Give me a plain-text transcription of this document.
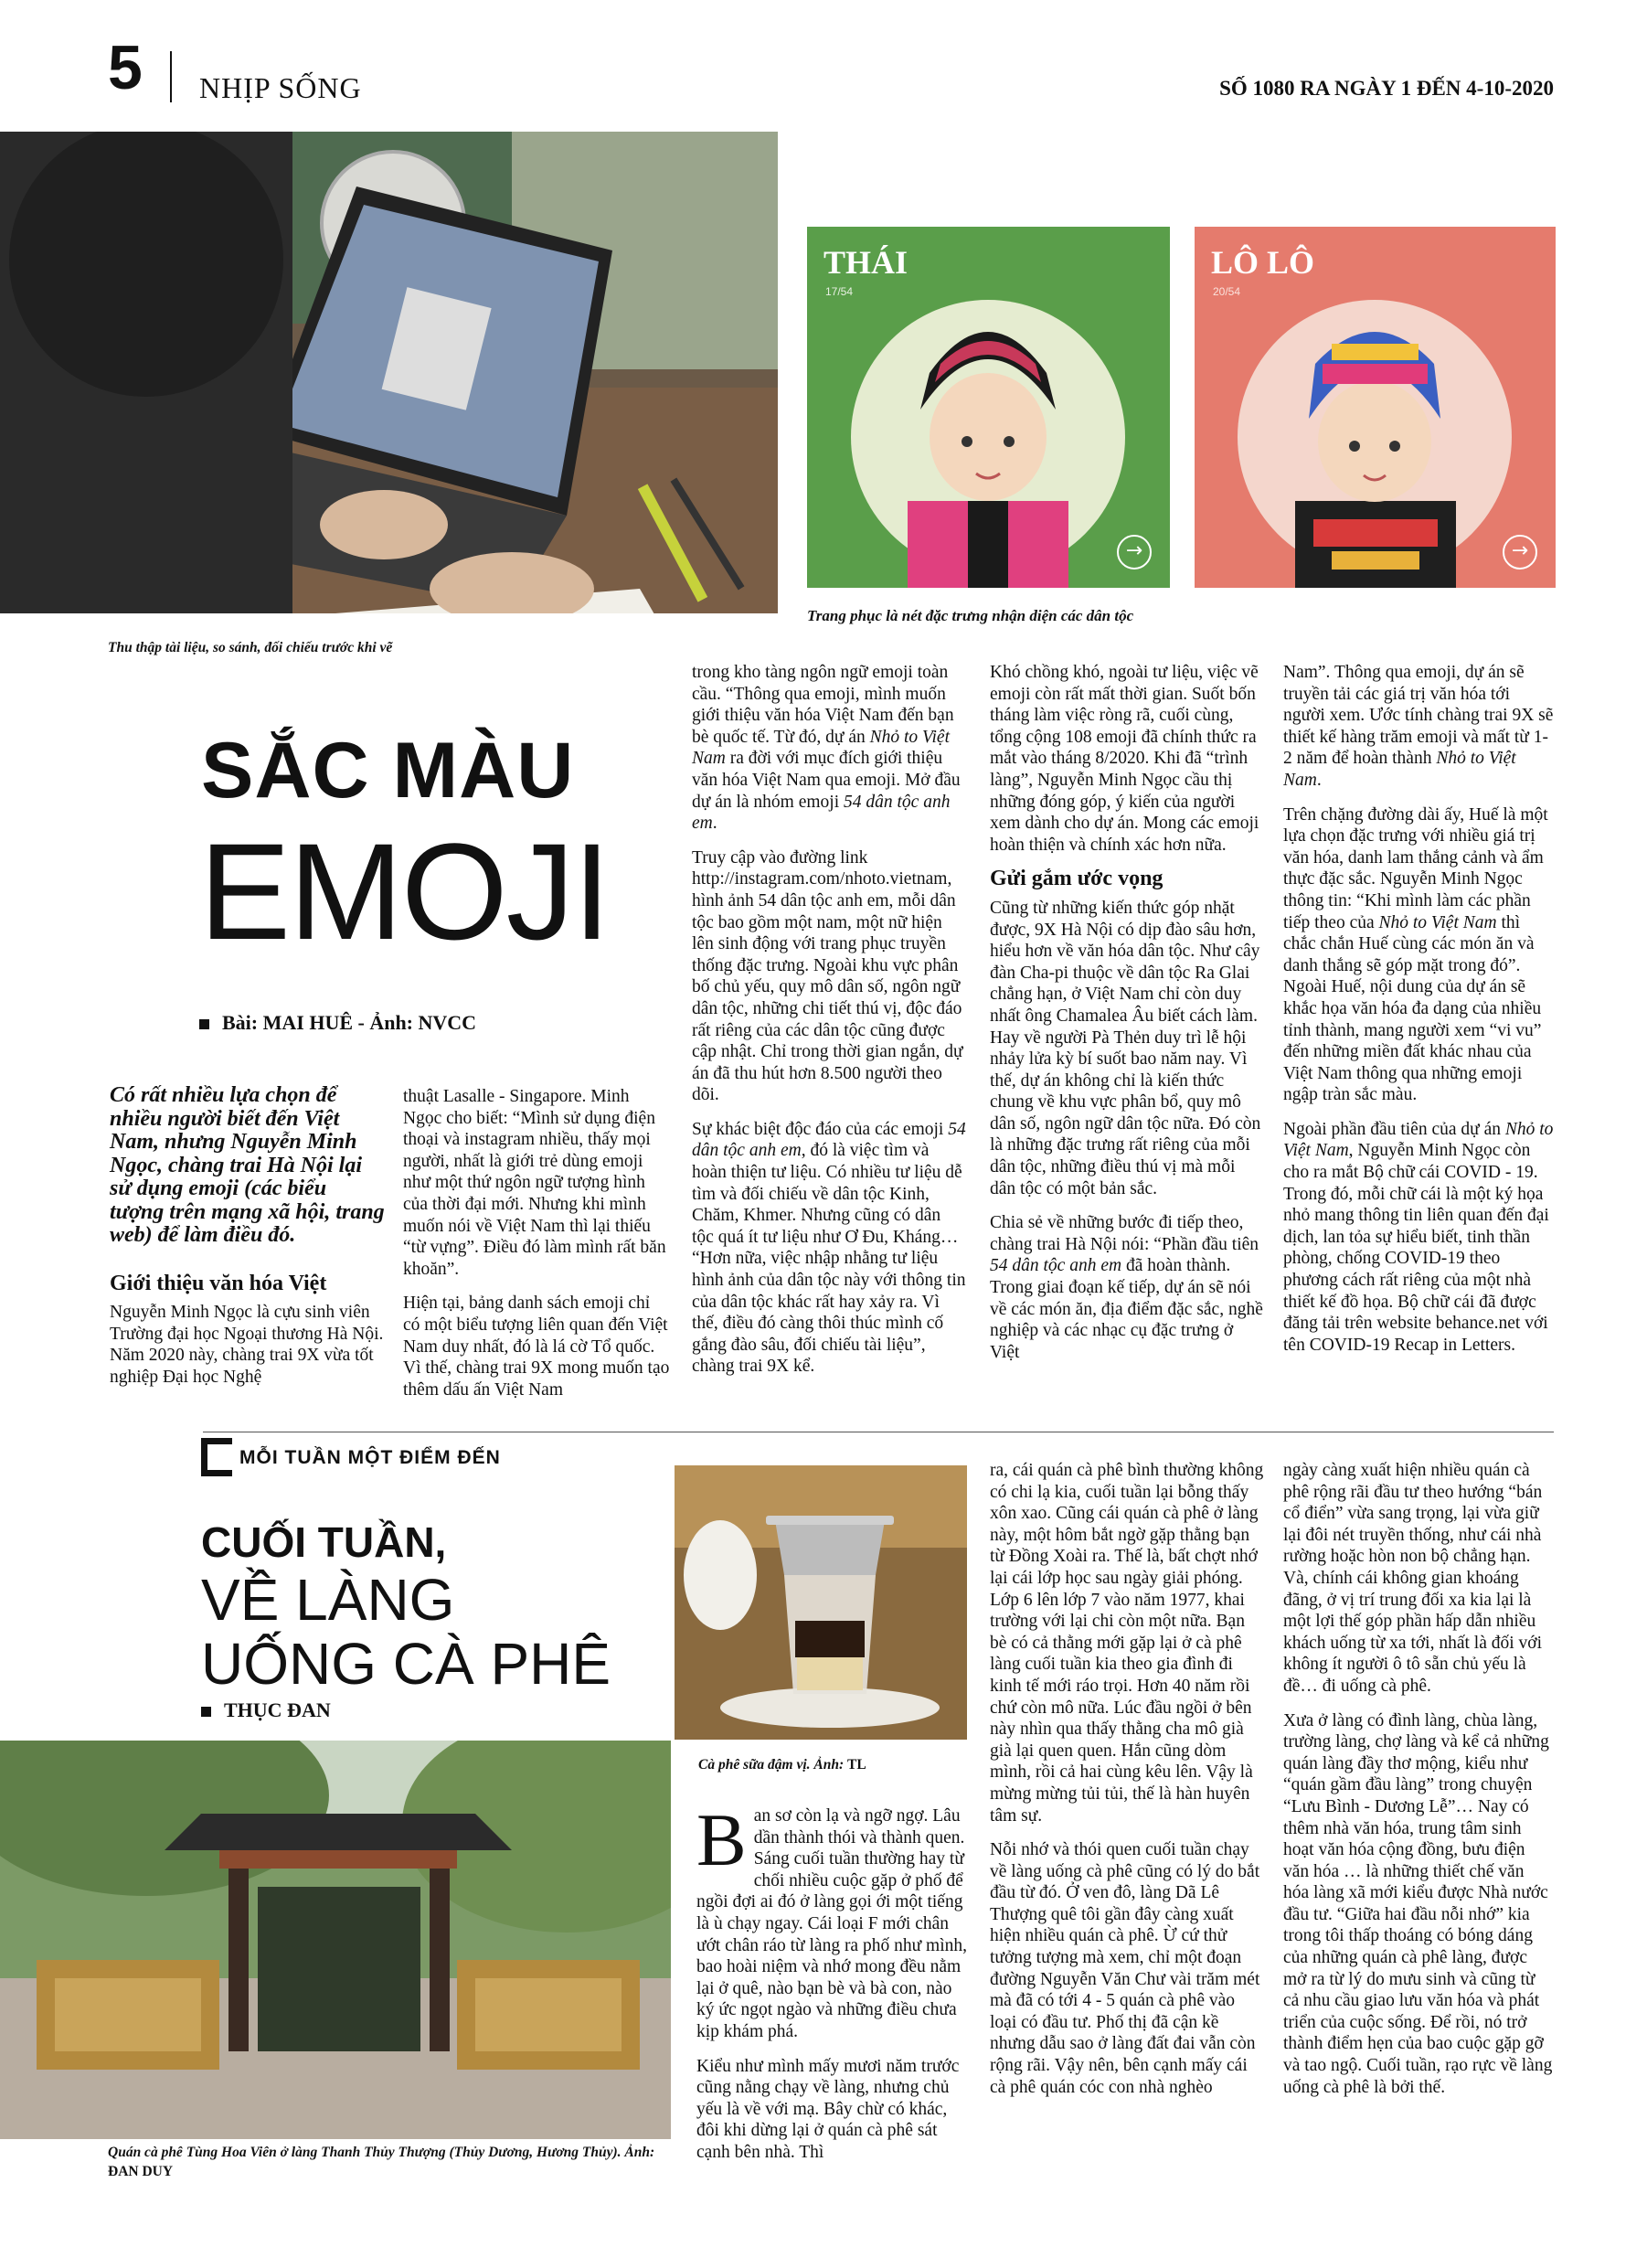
5 NHỊP SỐNG	SỐ 1080 RA NGÀY 1 ĐẾN 4-10-2020
Thu thập tài liệu, so sánh, đối chiếu trước khi vẽ
THÁI
17/54
→
LÔ LÔ
20/54
→
Trang phục là nét đặc trưng nhận diện các dân tộc
SẮC MÀU
EMOJI
Bài: MAI HUÊ - Ảnh: NVCC

Có rất nhiều lựa chọn để nhiều người biết đến Việt Nam, nhưng Nguyễn Minh Ngọc, chàng trai Hà Nội lại sử dụng emoji (các biểu tượng trên mạng xã hội, trang web) để làm điều đó.

Giới thiệu văn hóa Việt

Nguyễn Minh Ngọc là cựu sinh viên Trường đại học Ngoại thương Hà Nội. Năm 2020 này, chàng trai 9X vừa tốt nghiệp Đại học Nghệ

thuật Lasalle - Singapore. Minh Ngọc cho biết: “Mình sử dụng điện thoại và instagram nhiều, thấy mọi người, nhất là giới trẻ dùng emoji như một thứ ngôn ngữ tượng hình của thời đại mới. Nhưng khi mình muốn nói về Việt Nam thì lại thiếu “từ vựng”. Điều đó làm mình rất băn khoăn”.

Hiện tại, bảng danh sách emoji chỉ có một biểu tượng liên quan đến Việt Nam duy nhất, đó là lá cờ Tổ quốc. Vì thế, chàng trai 9X mong muốn tạo thêm dấu ấn Việt Nam

trong kho tàng ngôn ngữ emoji toàn cầu. “Thông qua emoji, mình muốn giới thiệu văn hóa Việt Nam đến bạn bè quốc tế. Từ đó, dự án Nhỏ to Việt Nam ra đời với mục đích giới thiệu văn hóa Việt Nam qua emoji. Mở đầu dự án là nhóm emoji 54 dân tộc anh em.

Truy cập vào đường link http://instagram.com/nhoto.vietnam, hình ảnh 54 dân tộc anh em, mỗi dân tộc bao gồm một nam, một nữ hiện lên sinh động với trang phục truyền thống đặc trưng. Ngoài khu vực phân bố chủ yếu, quy mô dân số, ngôn ngữ dân tộc, những chi tiết thú vị, độc đáo rất riêng của các dân tộc cũng được cập nhật. Chỉ trong thời gian ngắn, dự án đã thu hút hơn 8.500 người theo dõi.

Sự khác biệt độc đáo của các emoji 54 dân tộc anh em, đó là việc tìm và hoàn thiện tư liệu. Có nhiều tư liệu dễ tìm và đối chiếu về dân tộc Kinh, Chăm, Khmer. Nhưng cũng có dân tộc quá ít tư liệu như Ơ Đu, Kháng… “Hơn nữa, việc nhập nhằng tư liệu hình ảnh của dân tộc này với thông tin của dân tộc khác rất hay xảy ra. Vì thế, điều đó càng thôi thúc mình cố gắng đào sâu, đối chiếu tài liệu”, chàng trai 9X kể.

Khó chồng khó, ngoài tư liệu, việc vẽ emoji còn rất mất thời gian. Suốt bốn tháng làm việc ròng rã, cuối cùng, tổng cộng 108 emoji đã chính thức ra mắt vào tháng 8/2020. Khi đã “trình làng”, Nguyễn Minh Ngọc cầu thị những đóng góp, ý kiến của người xem dành cho dự án. Mong các emoji hoàn thiện và chính xác hơn nữa.

Gửi gắm ước vọng

Cũng từ những kiến thức góp nhặt được, 9X Hà Nội có dịp đào sâu hơn, hiểu hơn về văn hóa dân tộc. Như cây đàn Cha-pi thuộc về dân tộc Ra Glai chẳng hạn, ở Việt Nam chỉ còn duy nhất ông Chamalea Âu biết cách làm. Hay về người Pà Thẻn duy trì lễ hội nhảy lửa kỳ bí suốt bao năm nay. Vì thế, dự án không chỉ là kiến thức chung về khu vực phân bổ, quy mô dân số, ngôn ngữ dân tộc nữa. Đó còn là những đặc trưng rất riêng của mỗi dân tộc, những điều thú vị mà mỗi dân tộc có một bản sắc.

Chia sẻ về những bước đi tiếp theo, chàng trai Hà Nội nói: “Phần đầu tiên 54 dân tộc anh em đã hoàn thành. Trong giai đoạn kế tiếp, dự án sẽ nói về các món ăn, địa điểm đặc sắc, nghề nghiệp và các nhạc cụ đặc trưng ở Việt

Nam”. Thông qua emoji, dự án sẽ truyền tải các giá trị văn hóa tới người xem. Ước tính chàng trai 9X sẽ thiết kế hàng trăm emoji và mất từ 1-2 năm để hoàn thành Nhỏ to Việt Nam.

Trên chặng đường dài ấy, Huế là một lựa chọn đặc trưng với nhiều giá trị văn hóa, danh lam thắng cảnh và ẩm thực đặc sắc. Nguyễn Minh Ngọc thông tin: “Khi mình làm các phần tiếp theo của Nhỏ to Việt Nam thì chắc chắn Huế cùng các món ăn và danh thắng sẽ góp mặt trong đó”. Ngoài Huế, nội dung của dự án sẽ khắc họa văn hóa đa dạng của nhiều tỉnh thành, mang người xem “vi vu” đến những miền đất khác nhau của Việt Nam thông qua những emoji ngập tràn sắc màu.

Ngoài phần đầu tiên của dự án Nhỏ to Việt Nam, Nguyễn Minh Ngọc còn cho ra mắt Bộ chữ cái COVID - 19. Trong đó, mỗi chữ cái là một ký họa nhỏ mang thông tin liên quan đến đại dịch, lan tỏa sự hiểu biết, tinh thần phòng, chống COVID-19 theo phương cách rất riêng của một nhà thiết kế đồ họa. Bộ chữ cái đã được đăng tải trên website behance.net với tên COVID-19 Recap in Letters.

MỖI TUẦN MỘT ĐIỂM ĐẾN
CUỐI TUẦN,
VỀ LÀNG
UỐNG CÀ PHÊ
THỤC ĐAN
Quán cà phê Tùng Hoa Viên ở làng Thanh Thủy Thượng (Thủy Dương, Hương Thủy). Ảnh: ĐAN DUY
Cà phê sữa đậm vị. Ảnh: TL

Ban sơ còn lạ và ngỡ ngợ. Lâu dần thành thói và thành quen. Sáng cuối tuần thường hay từ chối nhiều cuộc gặp ở phố để ngồi đợi ai đó ở làng gọi ới một tiếng là ù chạy ngay. Cái loại F mới chân ướt chân ráo từ làng ra phố như mình, bao hoài niệm và nhớ mong đều nằm lại ở quê, nào bạn bè và bà con, nào ký ức ngọt ngào và những điều chưa kịp khám phá.

Kiểu như mình mấy mươi năm trước cũng nằng chạy về làng, nhưng chủ yếu là về với mạ. Bây chừ có khác, đôi khi dừng lại ở quán cà phê sát cạnh bên nhà. Thì

ra, cái quán cà phê bình thường không có chi lạ kia, cuối tuần lại bỗng thấy xôn xao. Cũng cái quán cà phê ở làng này, một hôm bắt ngờ gặp thằng bạn từ Đồng Xoài ra. Thế là, bất chợt nhớ lại cái lớp học sau ngày giải phóng. Lớp 6 lên lớp 7 vào năm 1977, khai trường với lại chi còn một nữa. Bạn bè có cả thằng mới gặp lại ở cà phê làng cuối tuần kia theo gia đình đi kinh tế mới ráo trọi. Hơn 40 năm rồi chứ còn mô nữa. Lúc đầu ngồi ở bên này nhìn qua thấy thằng cha mô già già lại quen quen. Hắn cũng dòm mình, rồi cả hai cùng kêu lên. Vậy là mừng mừng tủi tủi, thế là hàn huyên tâm sự.

Nỗi nhớ và thói quen cuối tuần chạy về làng uống cà phê cũng có lý do bắt đầu từ đó. Ở ven đô, làng Dã Lê Thượng quê tôi gần đây càng xuất hiện nhiều quán cà phê. Ừ cứ thử tưởng tượng mà xem, chỉ một đoạn đường Nguyễn Văn Chư vài trăm mét mà đã có tới 4 - 5 quán cà phê vào loại có đầu tư. Phố thị đã cận kề nhưng dẫu sao ở làng đất đai vẫn còn rộng rãi. Vậy nên, bên cạnh mấy cái cà phê quán cóc con nhà nghèo

ngày càng xuất hiện nhiều quán cà phê rộng rãi đầu tư theo hướng “bán cổ điển” vừa sang trọng, lại vừa giữ lại đôi nét truyền thống, như cái nhà rường hoặc hòn non bộ chẳng hạn. Và, chính cái không gian khoáng đãng, ở vị trí trung đối xa kia lại là một lợi thế góp phần hấp dẫn nhiều khách uống từ xa tới, nhất là đối với không ít người ô tô sẵn chủ yếu là đề… đi uống cà phê.

Xưa ở làng có đình làng, chùa làng, trường làng, chợ làng và kể cả những quán làng đầy thơ mộng, kiểu như “quán gầm đầu làng” trong chuyện “Lưu Bình - Dương Lễ”… Nay có thêm nhà văn hóa, trung tâm sinh hoạt văn hóa cộng đồng, bưu điện văn hóa … là những thiết chế văn hóa làng xã mới kiểu được Nhà nước đầu tư. “Giữa hai đầu nỗi nhớ” kia trong tôi thấp thoáng có bóng dáng của những quán cà phê làng, được mở ra từ lý do mưu sinh và cũng từ cả nhu cầu giao lưu văn hóa và phát triển của cuộc sống. Để rồi, nó trở thành điểm hẹn của bao cuộc gặp gỡ và tao ngộ. Cuối tuần, rạo rực về làng uống cà phê là bởi thế.
